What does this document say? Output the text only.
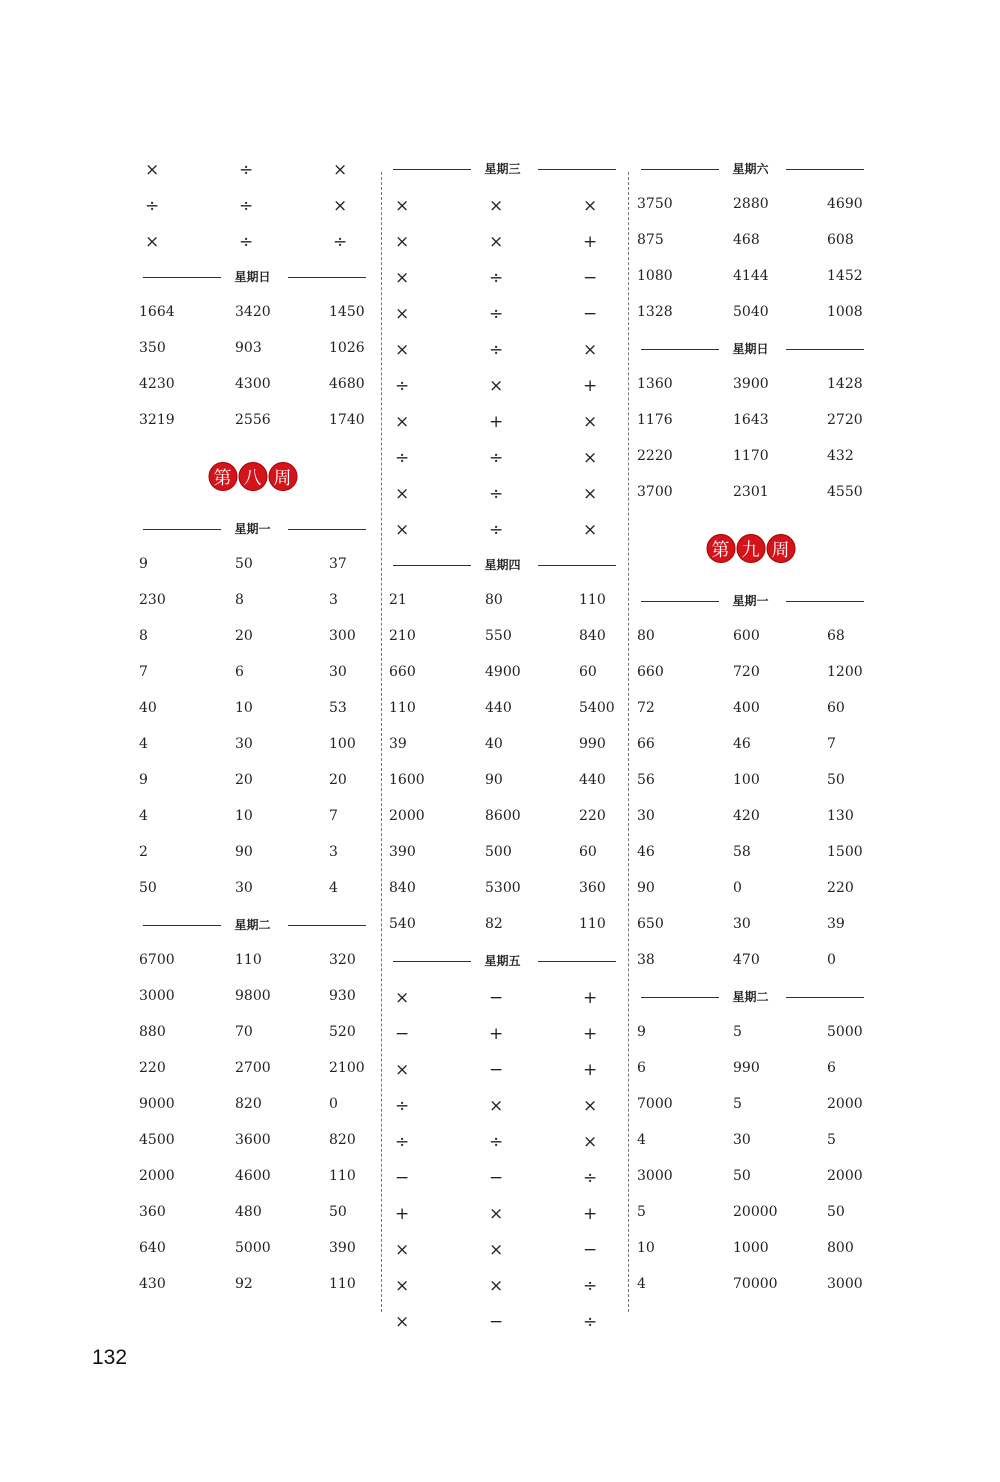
×	÷	×
÷	÷	×
×	÷	÷
星期日
1664	3420	1450
350	903	1026
4230	4300	4680
3219	2556	1740
第 八 周
星期一
9	50	37
230	8	3
8	20	300
7	6	30
40	10	53
4	30	100
9	20	20
4	10	7
2	90	3
50	30	4
星期二
6700	110	320
3000	9800	930
880	70	520
220	2700	2100
9000	820	0
4500	3600	820
2000	4600	110
360	480	50
640	5000	390
430	92	110
星期三
×	×	×
×	×	+
×	÷	−
×	÷	−
×	÷	×
÷	×	+
×	+	×
÷	÷	×
×	÷	×
×	÷	×
星期四
21	80	110
210	550	840
660	4900	60
110	440	5400
39	40	990
1600	90	440
2000	8600	220
390	500	60
840	5300	360
540	82	110
星期五
×	−	+
−	+	+
×	−	+
÷	×	×
÷	÷	×
−	−	÷
+	×	+
×	×	−
×	×	÷
×	−	÷
星期六
3750	2880	4690
875	468	608
1080	4144	1452
1328	5040	1008
星期日
1360	3900	1428
1176	1643	2720
2220	1170	432
3700	2301	4550
第 九 周
星期一
80	600	68
660	720	1200
72	400	60
66	46	7
56	100	50
30	420	130
46	58	1500
90	0	220
650	30	39
38	470	0
星期二
9	5	5000
6	990	6
7000	5	2000
4	30	5
3000	50	2000
5	20000	50
10	1000	800
4	70000	3000
132
